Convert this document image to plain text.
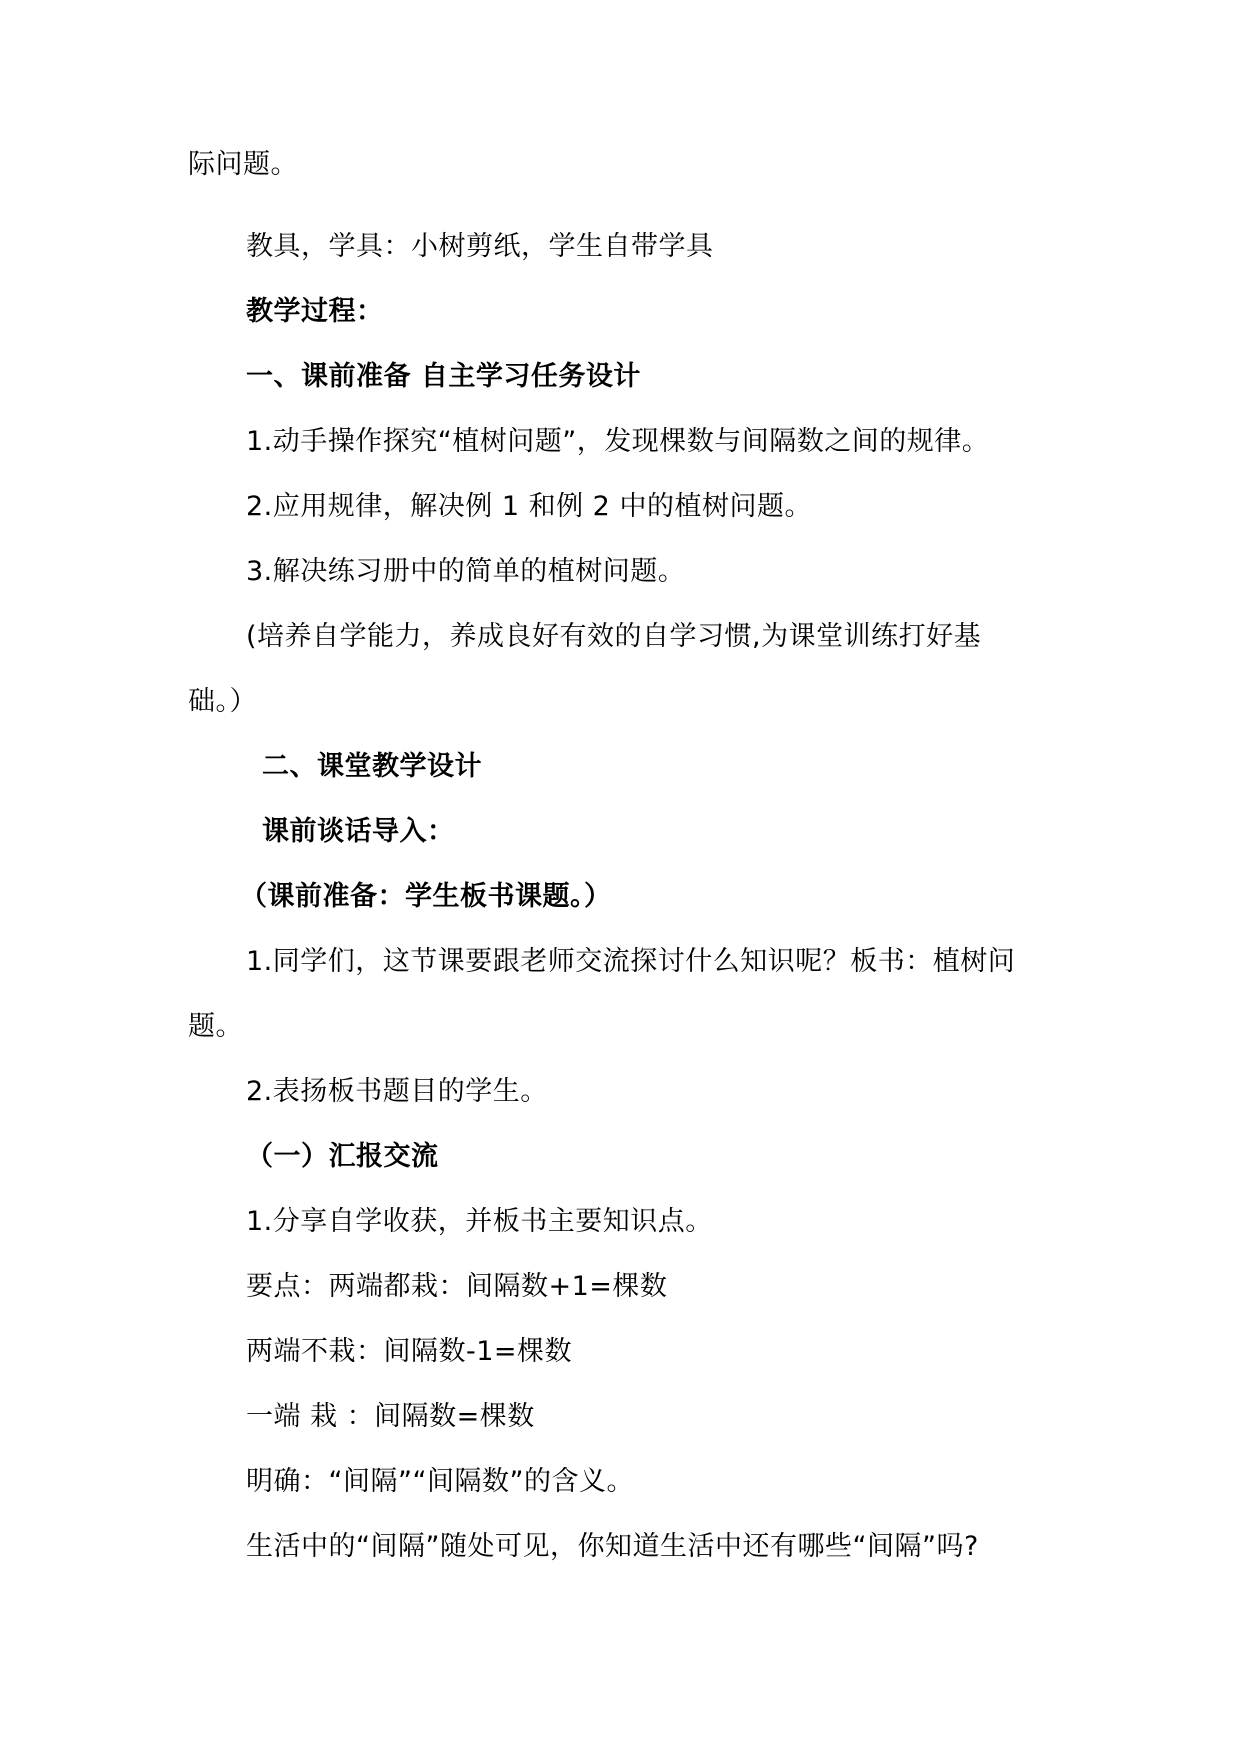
际问题。
教具，学具：小树剪纸，学生自带学具
教学过程：
一、课前准备 自主学习任务设计
1.动手操作探究“植树问题”，发现棵数与间隔数之间的规律。
2.应用规律，解决例 1 和例 2 中的植树问题。
3.解决练习册中的简单的植树问题。
(培养自学能力，养成良好有效的自学习惯,为课堂训练打好基
础。）
二、课堂教学设计
课前谈话导入：
（课前准备：学生板书课题。）
1.同学们，这节课要跟老师交流探讨什么知识呢？板书：植树问
题。
2.表扬板书题目的学生。
（一）汇报交流
1.分享自学收获，并板书主要知识点。
要点：两端都栽：间隔数+1=棵数
两端不栽：间隔数-1=棵数
一端 栽 ：间隔数=棵数
明确：“间隔”“间隔数”的含义。
生活中的“间隔”随处可见，你知道生活中还有哪些“间隔”吗?
